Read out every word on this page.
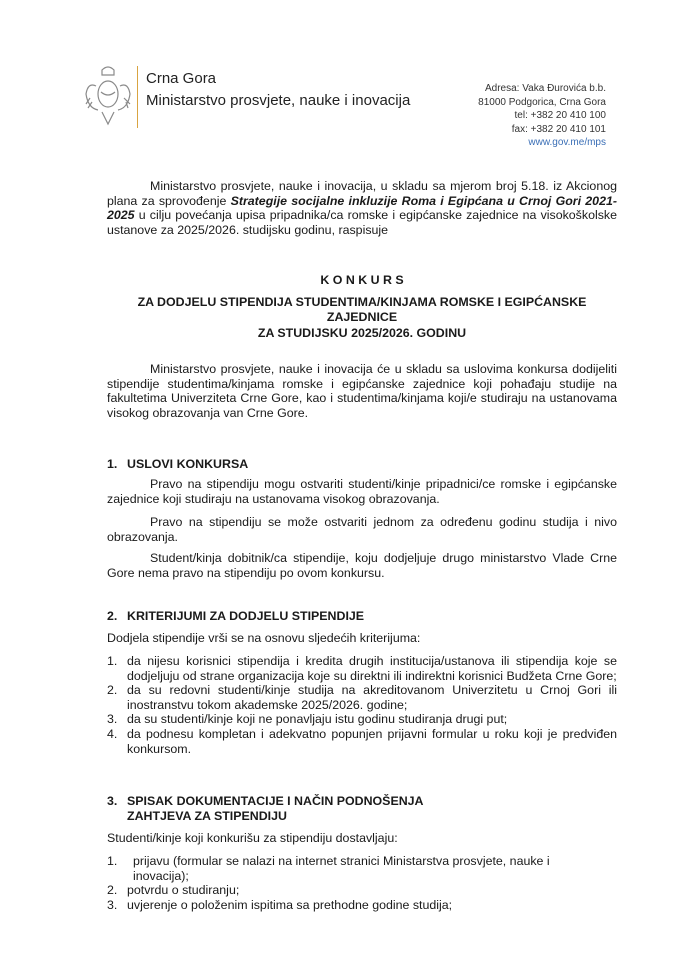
Crna Gora
Ministarstvo prosvjete, nauke i inovacija
Adresa: Vaka Đurovića b.b.
81000 Podgorica, Crna Gora
tel: +382 20 410 100
fax: +382 20 410 101
www.gov.me/mps
Ministarstvo prosvjete, nauke i inovacija, u skladu sa mjerom broj 5.18. iz Akcionog plana za sprovođenje Strategije socijalne inkluzije Roma i Egipćana u Crnoj Gori 2021-2025 u cilju povećanja upisa pripadnika/ca romske i egipćanske zajednice na visokoškolske ustanove za 2025/2026. studijsku godinu, raspisuje
K O N K U R S
ZA DODJELU STIPENDIJA STUDENTIMA/KINJAMA ROMSKE I EGIPĆANSKE ZAJEDNICE
ZA STUDIJSKU 2025/2026. GODINU
Ministarstvo prosvjete, nauke i inovacija će u skladu sa uslovima konkursa dodijeliti stipendije studentima/kinjama romske i egipćanske zajednice koji pohađaju studije na fakultetima Univerziteta Crne Gore, kao i studentima/kinjama koji/e studiraju na ustanovama visokog obrazovanja van Crne Gore.
1. USLOVI KONKURSA
Pravo na stipendiju mogu ostvariti studenti/kinje pripadnici/ce romske i egipćanske zajednice koji studiraju na ustanovama visokog obrazovanja.
Pravo na stipendiju se može ostvariti jednom za određenu godinu studija i nivo obrazovanja.
Student/kinja dobitnik/ca stipendije, koju dodjeljuje drugo ministarstvo Vlade Crne Gore nema pravo na stipendiju po ovom konkursu.
2. KRITERIJUMI ZA DODJELU STIPENDIJE
Dodjela stipendije vrši se na osnovu sljedećih kriterijuma:
1. da nijesu korisnici stipendija i kredita drugih institucija/ustanova ili stipendija koje se dodjeljuju od strane organizacija koje su direktni ili indirektni korisnici Budžeta Crne Gore;
2. da su redovni studenti/kinje studija na akreditovanom Univerzitetu u Crnoj Gori ili inostranstvu tokom akademske 2025/2026. godine;
3. da su studenti/kinje koji ne ponavljaju istu godinu studiranja drugi put;
4. da podnesu kompletan i adekvatno popunjen prijavni formular u roku koji je predviđen konkursom.
3. SPISAK DOKUMENTACIJE I NAČIN PODNOŠENJA ZAHTJEVA ZA STIPENDIJU
Studenti/kinje koji konkurišu za stipendiju dostavljaju:
1.	prijavu (formular se nalazi na internet stranici Ministarstva prosvjete, nauke i inovacija);
2. potvrdu o studiranju;
3. uvjerenje o položenim ispitima sa prethodne godine studija;
